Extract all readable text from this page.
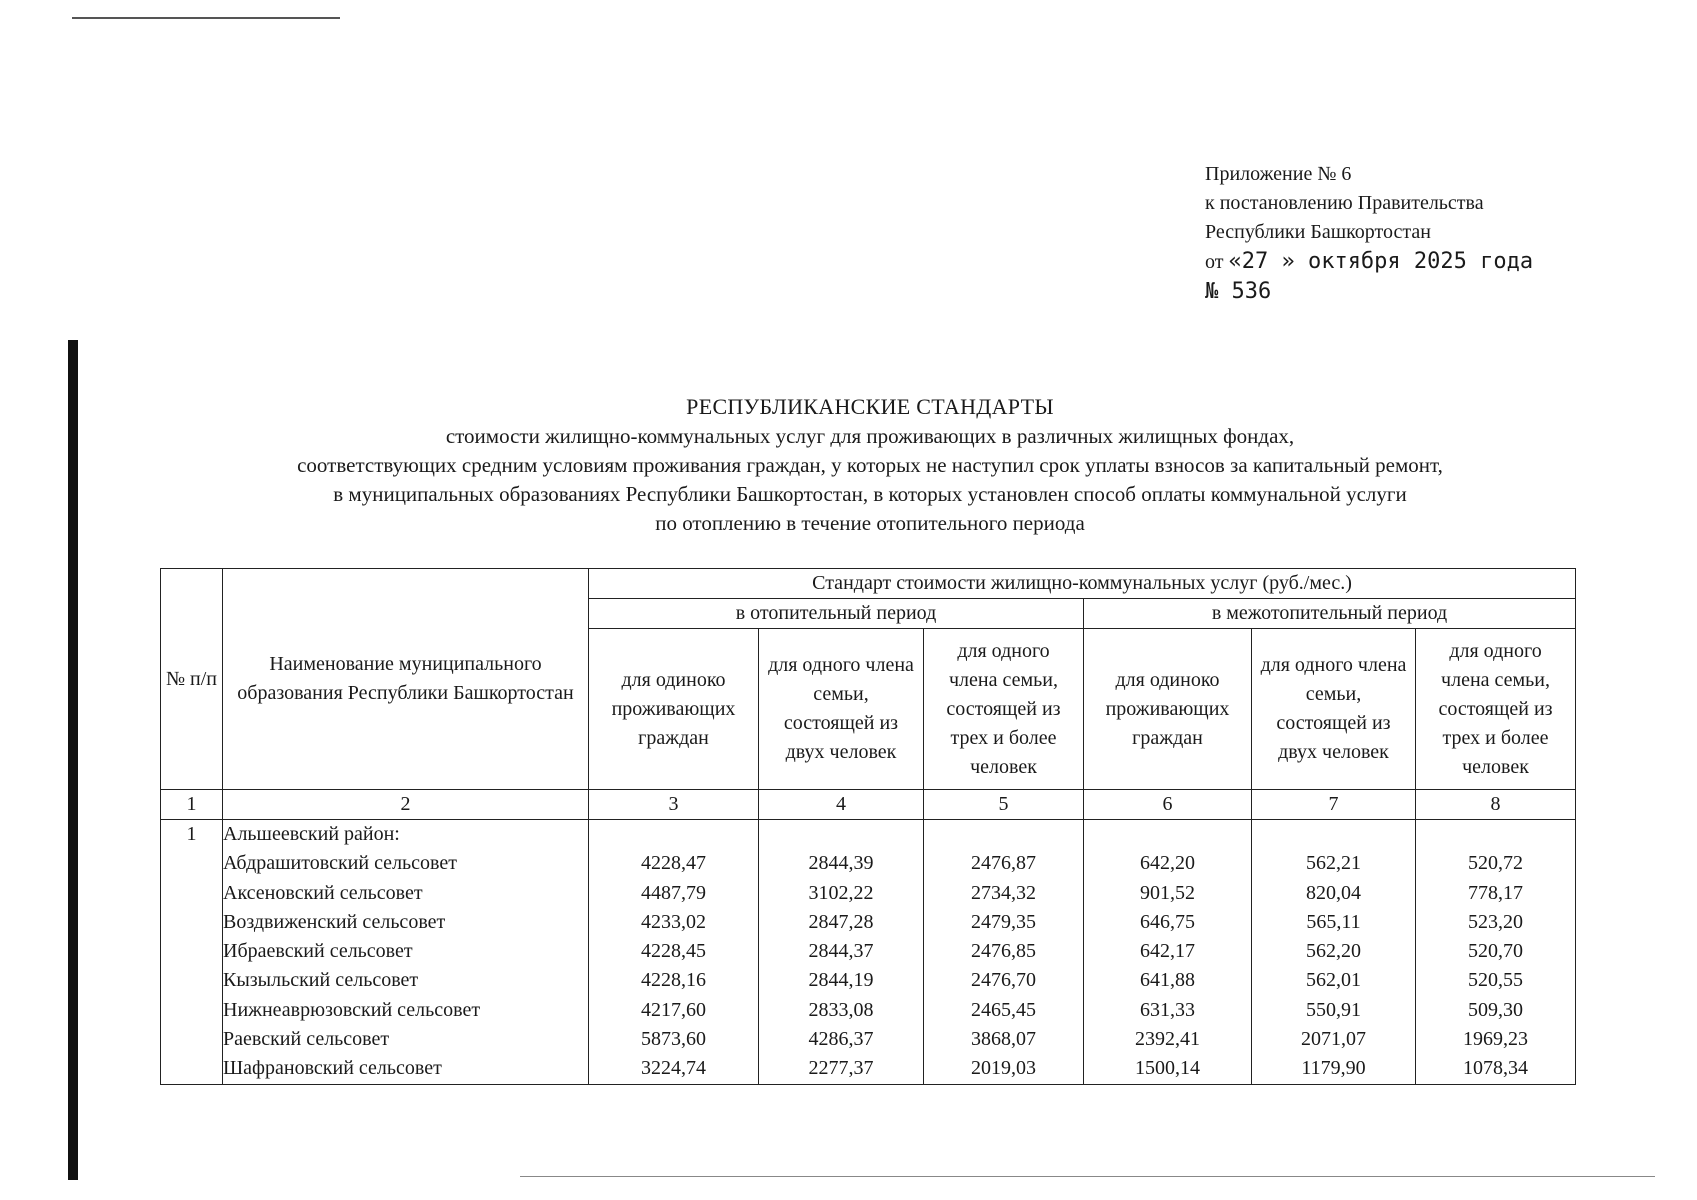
Приложение № 6
к постановлению Правительства
Республики Башкортостан
от «27 » октября 2025 года
№ 536
РЕСПУБЛИКАНСКИЕ СТАНДАРТЫ
стоимости жилищно-коммунальных услуг для проживающих в различных жилищных фондах,
соответствующих средним условиям проживания граждан, у которых не наступил срок уплаты взносов за капитальный ремонт,
в муниципальных образованиях Республики Башкортостан, в которых установлен способ оплаты коммунальной услуги
по отоплению в течение отопительного периода
№ п/п	Наименование муниципального образования Республики Башкортостан	Стандарт стоимости жилищно-коммунальных услуг (руб./мес.)					
		в отопительный период			в межотопительный период		
		для одиноко проживающих граждан	для одного члена семьи, состоящей из двух человек	для одного члена семьи, состоящей из трех и более человек	для одиноко проживающих граждан	для одного члена семьи, состоящей из двух человек	для одного члена семьи, состоящей из трех и более человек
1	2	3	4	5	6	7	8
1	Альшеевский район:						
	Абдрашитовский сельсовет	4228,47	2844,39	2476,87	642,20	562,21	520,72
	Аксеновский сельсовет	4487,79	3102,22	2734,32	901,52	820,04	778,17
	Воздвиженский сельсовет	4233,02	2847,28	2479,35	646,75	565,11	523,20
	Ибраевский сельсовет	4228,45	2844,37	2476,85	642,17	562,20	520,70
	Кызыльский сельсовет	4228,16	2844,19	2476,70	641,88	562,01	520,55
	Нижнеаврюзовский сельсовет	4217,60	2833,08	2465,45	631,33	550,91	509,30
	Раевский сельсовет	5873,60	4286,37	3868,07	2392,41	2071,07	1969,23
	Шафрановский сельсовет	3224,74	2277,37	2019,03	1500,14	1179,90	1078,34
